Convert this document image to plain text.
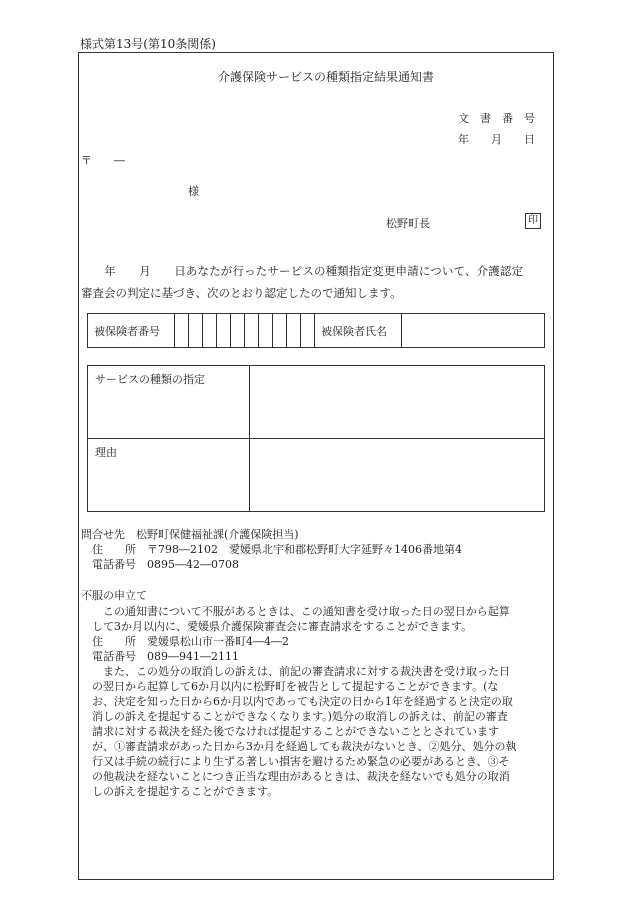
様式第13号(第10条関係)
介護保険サービスの種類指定結果通知書
文　書　番　号
年　　月　　日
〒　　―
様
松野町長	印
　　年　　月　　日あなたが行ったサービスの種類指定変更申請について、介護認定
審査会の判定に基づき、次のとおり認定したので通知します。
被保険者番号											被保険者氏名	
サービスの種類の指定	
理由	
問合せ先　松野町保健福祉課(介護保険担当)
　住　　所　〒798―2102　愛媛県北宇和郡松野町大字延野々1406番地第4
　電話番号　0895―42―0708
不服の申立て
　　この通知書について不服があるときは、この通知書を受け取った日の翌日から起算
　して3か月以内に、愛媛県介護保険審査会に審査請求をすることができます。
　住　　所　愛媛県松山市一番町4―4―2
　電話番号　089―941―2111
　　また、この処分の取消しの訴えは、前記の審査請求に対する裁決書を受け取った日
　の翌日から起算して6か月以内に松野町を被告として提起することができます。(な
　お、決定を知った日から6か月以内であっても決定の日から1年を経過すると決定の取
　消しの訴えを提起することができなくなります。)処分の取消しの訴えは、前記の審査
　請求に対する裁決を経た後でなければ提起することができないこととされています
　が、①審査請求があった日から3か月を経過しても裁決がないとき、②処分、処分の執
　行又は手続の続行により生ずる著しい損害を避けるため緊急の必要があるとき、③そ
　の他裁決を経ないことにつき正当な理由があるときは、裁決を経ないでも処分の取消
　しの訴えを提起することができます。
